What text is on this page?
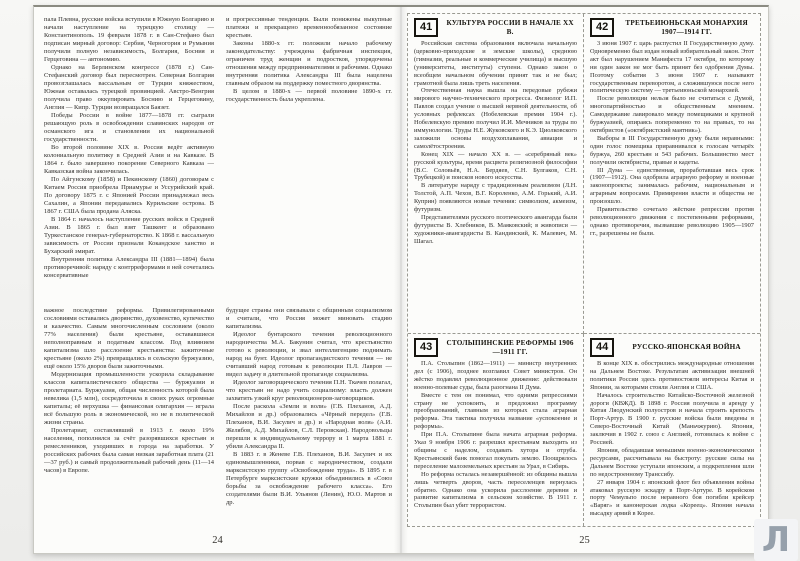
пала Плевна, русские войска вступили в Южную Болгарию и начали наступление на турецкую столицу — Константинополь. 19 февраля 1878 г. в Сан-Стефано был подписан мирный договор: Сербия, Черногория и Румыния получили полную независимость, Болгария, Босния и Герцеговина — автономию.

Однако на Берлинском конгрессе (1878 г.) Сан-Стефанский договор был пересмотрен. Северная Болгария провозглашалась вассальным от Турции княжеством, Южная оставалась турецкой провинцией. Австро-Венгрия получила право оккупировать Боснию и Герцеговину, Англия — Кипр. Турции возвращался Баязет.

Победы России в войне 1877—1878 гг. сыграли решающую роль в освобождении славянских народов от османского ига и становлении их национальной государственности.

Во второй половине XIX в. Россия ведёт активную колониальную политику в Средней Азии и на Кавказе. В 1864 г. было завершено покорение Северного Кавказа — Кавказская война закончилась.

По Айгунскому (1858) и Пекинскому (1860) договорам с Китаем Россия приобрела Приамурье и Уссурийский край. По договору 1875 г. с Японией России принадлежал весь Сахалин, а Японии передавались Курильские острова. В 1867 г. США была продана Аляска.

В 1864 г. началось наступление русских войск в Средней Азии. В 1865 г. был взят Ташкент и образовано Туркестанское генерал-губернаторство. К 1868 г. вассальную зависимость от России признали Кокандское ханство и Бухарский эмират.

Внутренняя политика Александра III (1881—1894) была противоречивой: наряду с контрреформами в ней сочетались консервативные

и прогрессивные тенденции. Были понижены выкупные платежи и прекращено временнообязанное состояние крестьян.

Законы 1880-х гг. положили начало рабочему законодательству: учреждена фабричная инспекция, ограничен труд женщин и подростков, упорядочены отношения между предпринимателями и рабочими. Однако внутренняя политика Александра III была нацелена главным образом на поддержку поместного дворянства.

В целом в 1880-х — первой половине 1890-х гг. государственность была укреплена.

важное последствие реформы. Привилегированными сословиями оставались дворянство, духовенство, купечество и казачество. Самым многочисленным сословием (около 77% населения) были крестьяне, остававшиеся неполноправным и податным классом. Под влиянием капитализма шло расслоение крестьянства: зажиточные крестьяне (около 2%) превращались в сельскую буржуазию, ещё около 15% дворов были зажиточными.

Модернизация промышленности ускорила складывание классов капиталистического общества — буржуазии и пролетариата. Буржуазия, общая численность которой была невелика (1,5 млн), сосредоточила в своих руках огромные капиталы; её верхушка — финансовая олигархия — играла всё большую роль в экономической, но не в политической жизни страны.

Пролетариат, составлявший в 1913 г. около 19% населения, пополнялся за счёт разорявшихся крестьян и ремесленников, уходивших в города на заработки. У российских рабочих была самая низкая заработная плата (21—37 руб.) и самый продолжительный рабочий день (11—14 часов) в Европе.

будущее страны они связывали с общинным социализмом и считали, что Россия может миновать стадию капитализма.

Идеолог бунтарского течения революционного народничества М.А. Бакунин считал, что крестьянство готово к революции, и звал интеллигенцию поднимать народ на бунт. Идеолог пропагандистского течения — не считавший народ готовым к революции П.Л. Лавров — видел задачу в длительной пропаганде социализма.

Идеолог заговорщического течения П.Н. Ткачев полагал, что крестьян не надо учить социализму: власть должен захватить узкий круг революционеров-заговорщиков.

После раскола «Земли и воли» (Г.В. Плеханов, А.Д. Михайлов и др.) образовались «Чёрный передел» (Г.В. Плеханов, В.И. Засулич и др.) и «Народная воля» (А.И. Желябов, А.Д. Михайлов, С.Л. Перовская). Народовольцы перешли к индивидуальному террору и 1 марта 1881 г. убили Александра II.

В 1883 г. в Женеве Г.В. Плеханов, В.И. Засулич и их единомышленники, порвав с народничеством, создали марксистскую группу «Освобождение труда». В 1895 г. в Петербурге марксистские кружки объединились в «Союз борьбы за освобождение рабочего класса». Его создателями были В.И. Ульянов (Ленин), Ю.О. Мартов и др.

24
41	КУЛЬТУРА РОССИИ В НАЧАЛЕ XX В.

Российская система образования включала начальную (церковно-приходские и земские школы), среднюю (гимназии, реальные и коммерческие училища) и высшую (университеты, институты) ступени. Однако закон о всеобщем начальном обучении принят так и не был; грамотной была лишь треть населения.

Отечественная наука вышла на передовые рубежи мирового научно-технического прогресса. Физиолог И.П. Павлов создал учение о высшей нервной деятельности, об условных рефлексах (Нобелевская премия 1904 г.). Нобелевскую премию получил И.И. Мечников за труды по иммунологии. Труды Н.Е. Жуковского и К.Э. Циолковского заложили основы воздухоплавания, авиации и самолётостроения.

Конец XIX — начало XX в. — «серебряный век» русской культуры, время расцвета религиозной философии (В.С. Соловьёв, Н.А. Бердяев, С.Н. Булгаков, С.Н. Трубецкой) и поисков нового искусства.

В литературе наряду с традиционным реализмом (Л.Н. Толстой, А.П. Чехов, В.Г. Короленко, А.М. Горький, А.И. Куприн) появляются новые течения: символизм, акмеизм, футуризм.

Представителями русского поэтического авангарда были футуристы В. Хлебников, В. Маяковский; в живописи — художники-авангардисты В. Кандинский, К. Малевич, М. Шагал.

42	ТРЕТЬЕИЮНЬСКАЯ МОНАРХИЯ 1907—1914 ГГ.

3 июня 1907 г. царь распустил II Государственную думу. Одновременно был издан новый избирательный закон. Этот акт был нарушением Манифеста 17 октября, по которому ни один закон не мог быть принят без одобрения Думы. Поэтому события 3 июня 1907 г. называют государственным переворотом, а сложившуюся после него политическую систему — третьеиюньской монархией.

После революции нельзя было не считаться с Думой, многопартийностью и общественным мнением. Самодержавие лавировало между помещиками и крупной буржуазией, опираясь попеременно то на правых, то на октябристов («октябристский маятник»).

Выборы в III Государственную думу были неравными: один голос помещика приравнивался к голосам четырёх буржуа, 260 крестьян и 543 рабочих. Большинство мест получили октябристы, правые и кадеты.

III Дума — единственная, проработавшая весь срок (1907—1912). Она одобрила аграрную реформу и военные законопроекты; занималась рабочим, национальным и аграрным вопросами. Примирения власти и общества не произошло.

Правительство сочетало жёсткие репрессии против революционного движения с постепенными реформами, однако противоречия, вызвавшие революцию 1905—1907 гг., разрешены не были.

43	СТОЛЫПИНСКИЕ РЕФОРМЫ 1906—1911 ГГ.

П.А. Столыпин (1862—1911) — министр внутренних дел (с 1906), позднее возглавил Совет министров. Он жёстко подавлял революционное движение: действовали военно-полевые суды, была разогнана II Дума.

Вместе с тем он понимал, что одними репрессиями страну не успокоить, и предложил программу преобразований, главным из которых стала аграрная реформа. Эта тактика получила название «успокоение и реформы».

При П.А. Столыпине была начата аграрная реформа. Указ 9 ноября 1906 г. разрешил крестьянам выходить из общины с наделом, создавать хутора и отруба. Крестьянский банк помогал покупать землю. Поощрялось переселение малоземельных крестьян за Урал, в Сибирь.

Но реформа осталась незавершённой: из общины вышла лишь четверть дворов, часть переселенцев вернулась обратно. Однако она ускорила расслоение деревни и развитие капитализма в сельском хозяйстве. В 1911 г. Столыпин был убит террористом.

44	РУССКО-ЯПОНСКАЯ ВОЙНА

В конце XIX в. обострились международные отношения на Дальнем Востоке. Результатам активизации внешней политики России здесь противостояли интересы Китая и Японии, за которыми стояли Англия и США.

Началось строительство Китайско-Восточной железной дороги (КВЖД). В 1898 г. Россия получила в аренду у Китая Ляодунский полуостров и начала строить крепость Порт-Артур. В 1900 г. русские войска были введены в Северо-Восточный Китай (Маньчжурию). Япония, заключив в 1902 г. союз с Англией, готовилась к войне с Россией.

Япония, обладавшая меньшими военно-экономическими ресурсами, рассчитывала на быстроту: русские силы на Дальнем Востоке уступали японским, а подкрепления шли по недостроенному Транссибу.

27 января 1904 г. японский флот без объявления войны атаковал русскую эскадру в Порт-Артуре. В корейском порту Чемульпо после неравного боя погибли крейсер «Варяг» и канонерская лодка «Кореец». Япония начала высадку армий в Корее.

25	Л
